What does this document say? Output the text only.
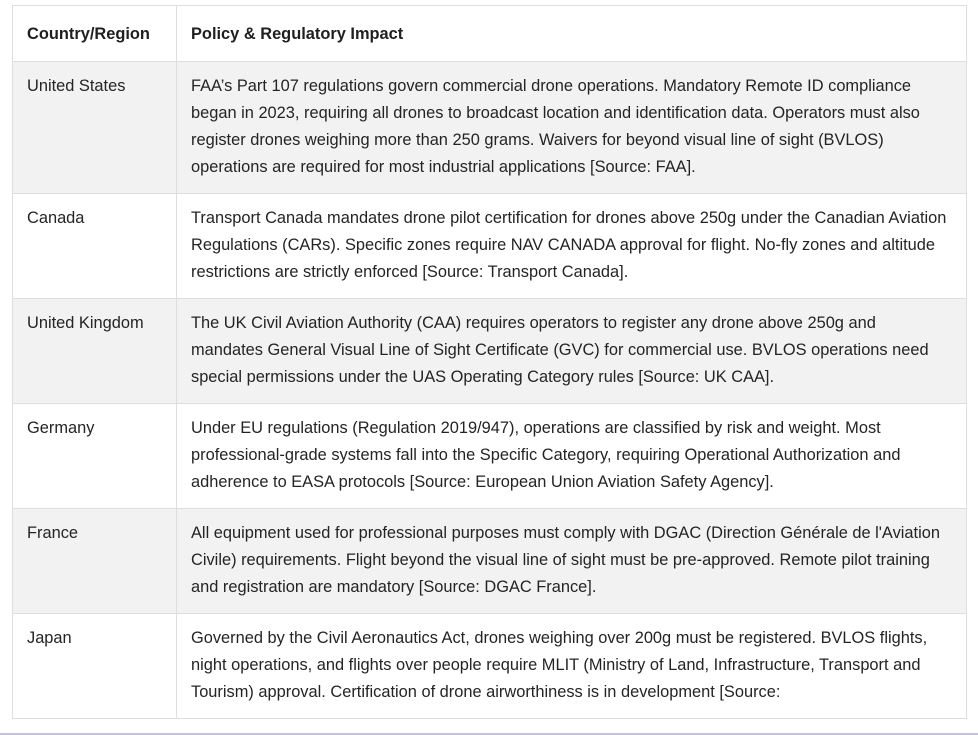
Country/Region	Policy & Regulatory Impact
United States	FAA’s Part 107 regulations govern commercial drone operations. Mandatory Remote ID compliance began in 2023, requiring all drones to broadcast location and identification data. Operators must also register drones weighing more than 250 grams. Waivers for beyond visual line of sight (BVLOS) operations are required for most industrial applications [Source: FAA].
Canada	Transport Canada mandates drone pilot certification for drones above 250g under the Canadian Aviation Regulations (CARs). Specific zones require NAV CANADA approval for flight. No-fly zones and altitude restrictions are strictly enforced [Source: Transport Canada].
United Kingdom	The UK Civil Aviation Authority (CAA) requires operators to register any drone above 250g and mandates General Visual Line of Sight Certificate (GVC) for commercial use. BVLOS operations need special permissions under the UAS Operating Category rules [Source: UK CAA].
Germany	Under EU regulations (Regulation 2019/947), operations are classified by risk and weight. Most professional-grade systems fall into the Specific Category, requiring Operational Authorization and adherence to EASA protocols [Source: European Union Aviation Safety Agency].
France	All equipment used for professional purposes must comply with DGAC (Direction Générale de l'Aviation Civile) requirements. Flight beyond the visual line of sight must be pre-approved. Remote pilot training and registration are mandatory [Source: DGAC France].
Japan	Governed by the Civil Aeronautics Act, drones weighing over 200g must be registered. BVLOS flights, night operations, and flights over people require MLIT (Ministry of Land, Infrastructure, Transport and Tourism) approval. Certification of drone airworthiness is in development [Source:
